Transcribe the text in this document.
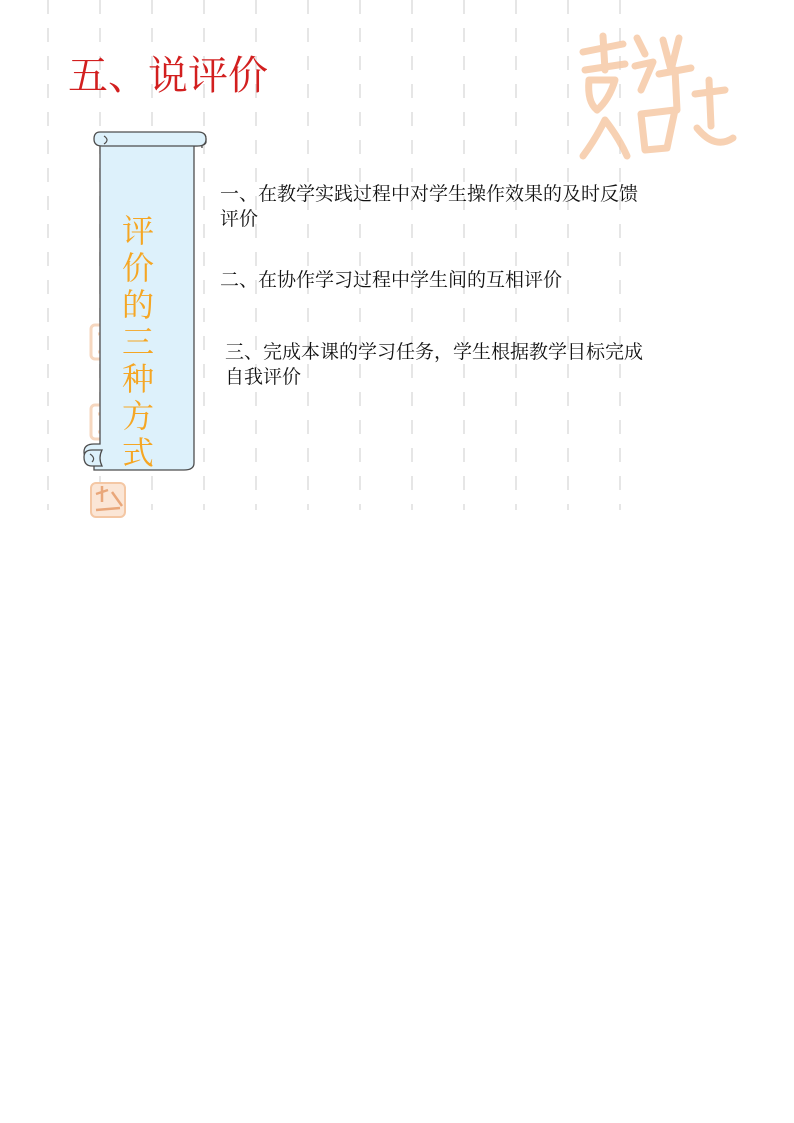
五、说评价

评
价
的
三
种
方
式

一、在教学实践过程中对学生操作效果的及时反馈评价
二、在协作学习过程中学生间的互相评价
三、完成本课的学习任务，学生根据教学目标完成自我评价
